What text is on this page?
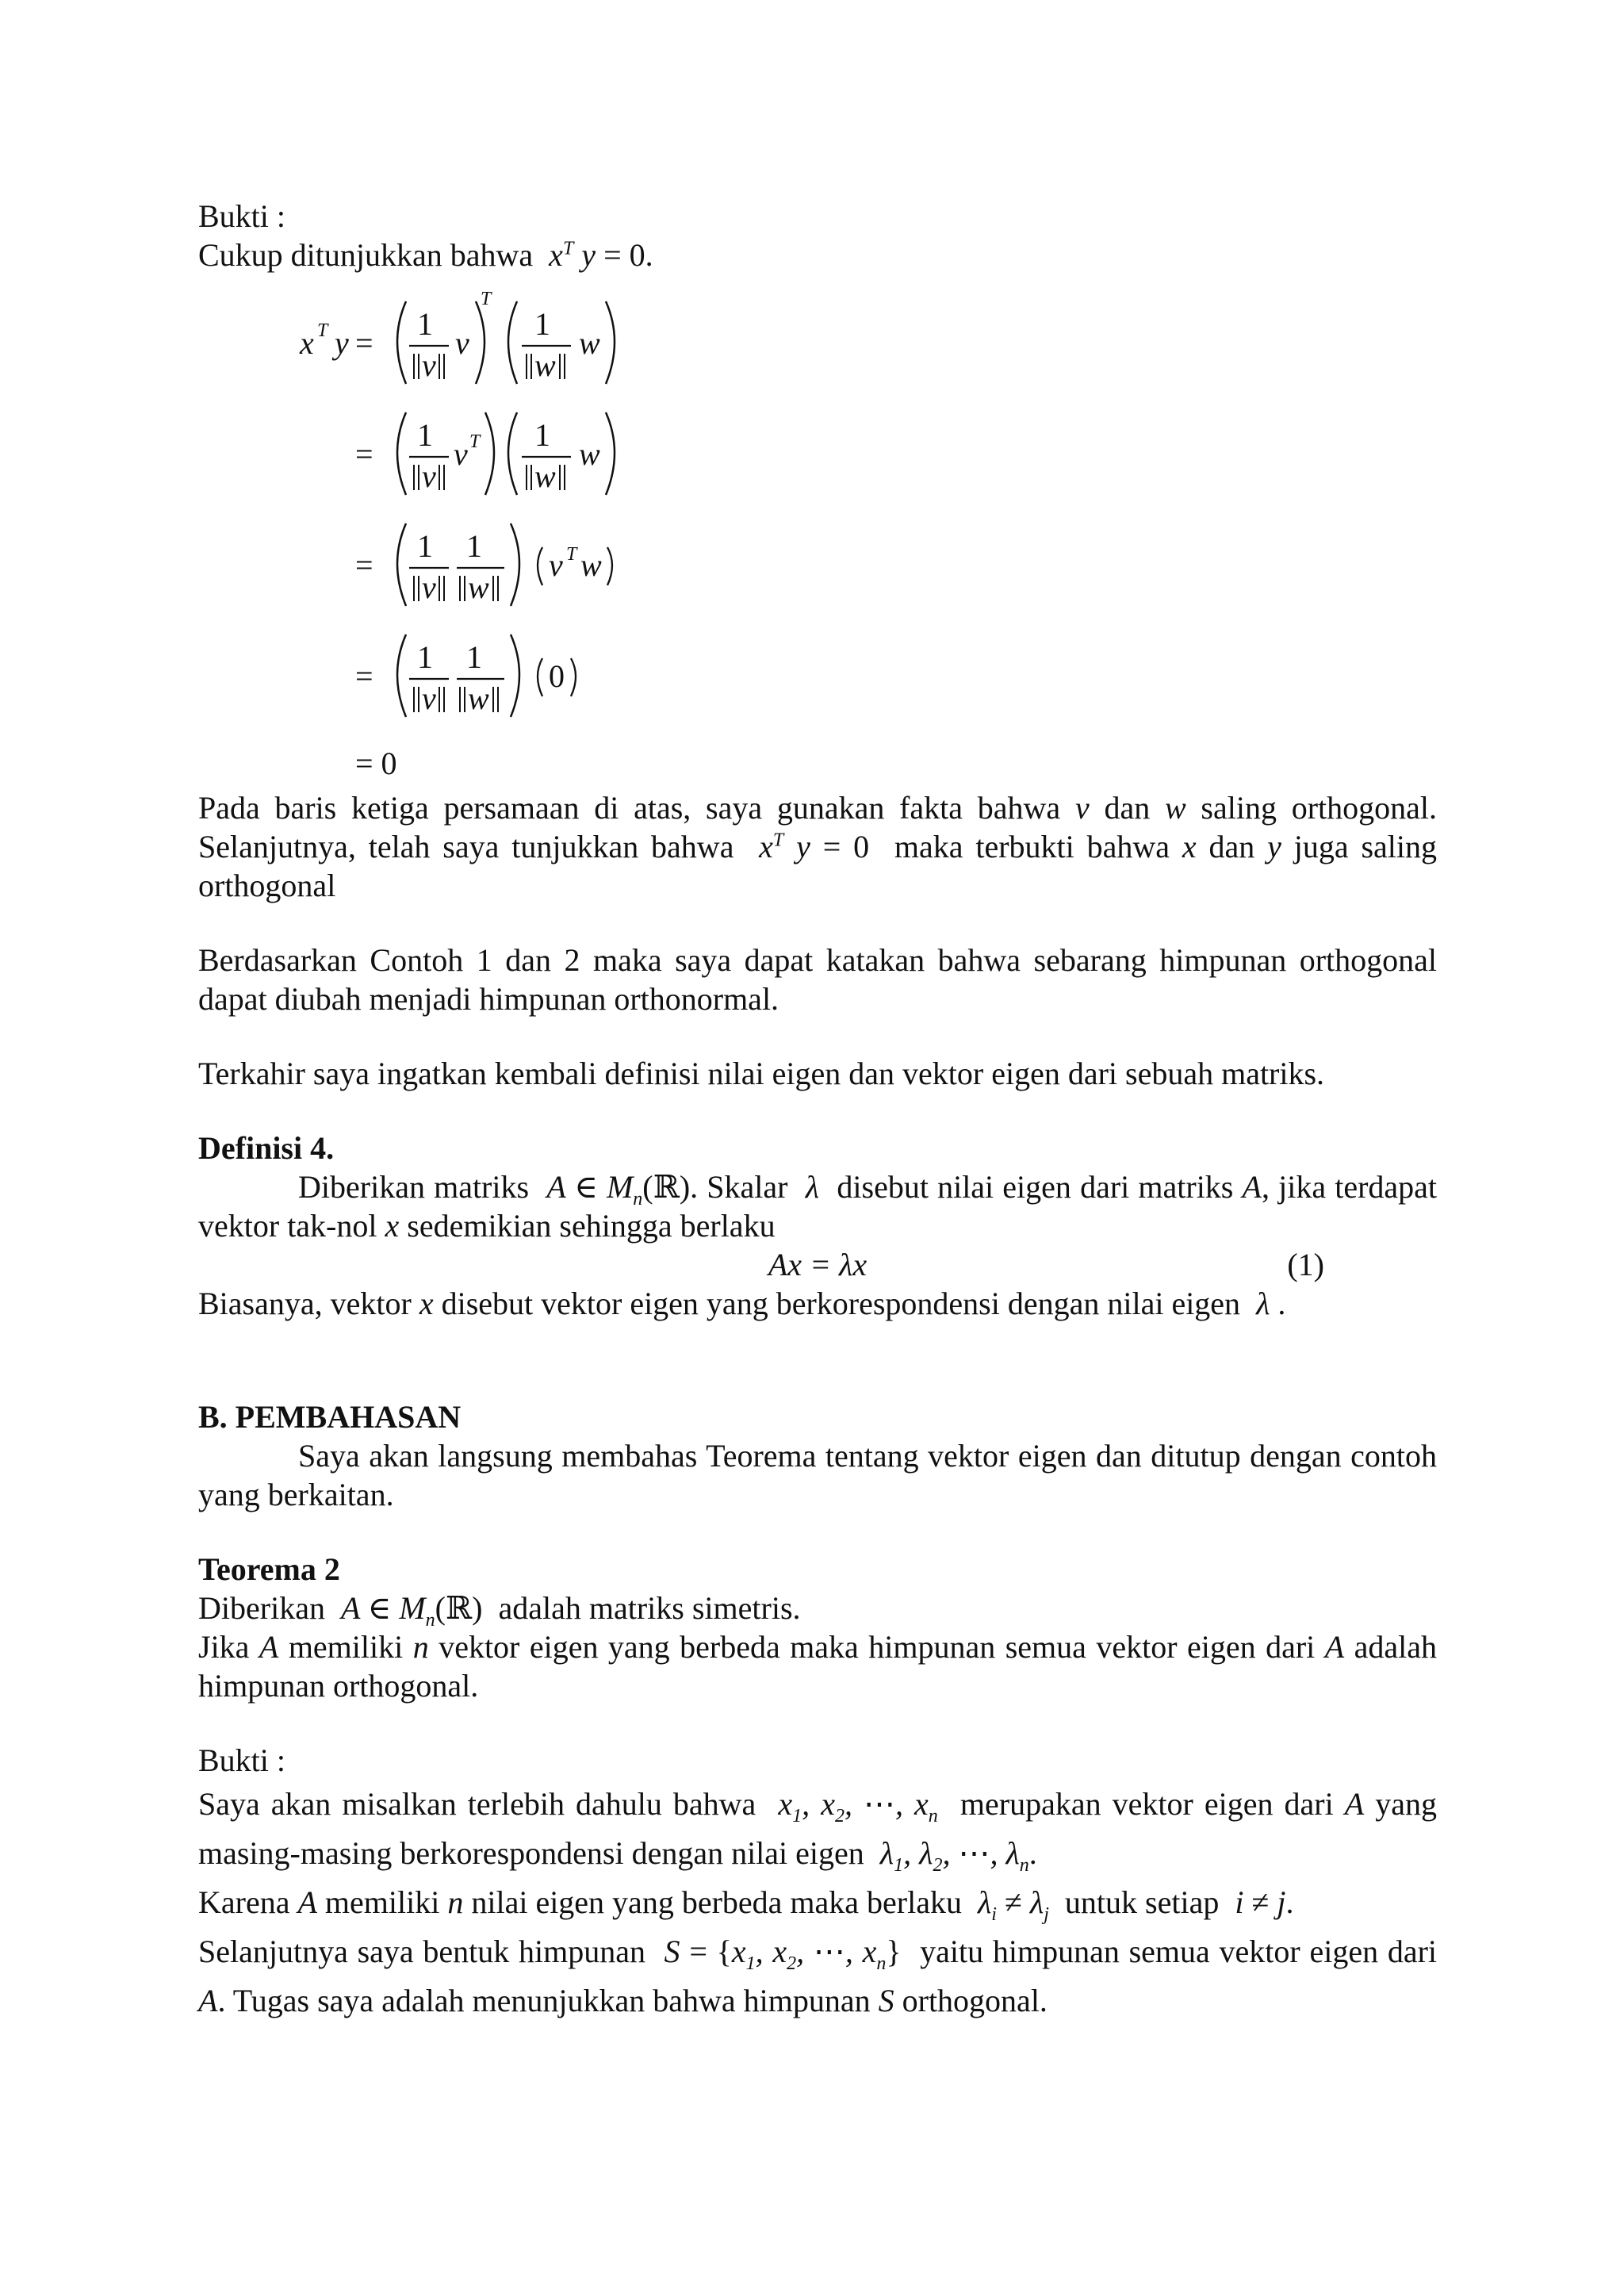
Bukti :

Cukup ditunjukkan bahwa  $x^T$ y = 0.

x T y =
1
v
v
T
1
w
w
=
1
v
v T 1
w
w
=
1
v
1
w
v T w
=
1
v
1
w
0
= 0

Pada baris ketiga persamaan di atas, saya gunakan fakta bahwa v dan w saling orthogonal. Selanjutnya, telah saya tunjukkan bahwa  $x^T$ y = 0 maka terbukti bahwa x dan y juga saling orthogonal

Berdasarkan Contoh 1 dan 2 maka saya dapat katakan bahwa sebarang himpunan orthogonal dapat diubah menjadi himpunan orthonormal.

Terkahir saya ingatkan kembali definisi nilai eigen dan vektor eigen dari sebuah matriks.

Definisi 4.

Diberikan matriks  A ∈ $M_n(ℝ)$. Skalar  λ  disebut nilai eigen dari matriks A, jika terdapat vektor tak-nol x sedemikian sehingga berlaku

Ax = λx	(1)

Biasanya, vektor x disebut vektor eigen yang berkorespondensi dengan nilai eigen  λ .

B. PEMBAHASAN

Saya akan langsung membahas Teorema tentang vektor eigen dan ditutup dengan contoh yang berkaitan.

Teorema 2

Diberikan  A ∈ $M_n(ℝ)$ adalah matriks simetris.

Jika A memiliki n vektor eigen yang berbeda maka himpunan semua vektor eigen dari A adalah himpunan orthogonal.

Bukti :

Saya akan misalkan terlebih dahulu bahwa  $x_1$, $x_2$, ⋯, $x_n$ merupakan vektor eigen dari A yang masing-masing berkorespondensi dengan nilai eigen  $\lambda_1$, $\lambda_2$, ⋯, $\lambda_n$.

Karena A memiliki n nilai eigen yang berbeda maka berlaku  $\lambda_i \ne \lambda_j$ untuk setiap  i ≠ j.

Selanjutnya saya bentuk himpunan  $S = \{x_1$, $x_2$, ⋯, $x_n$} yaitu himpunan semua vektor eigen dari A. Tugas saya adalah menunjukkan bahwa himpunan S orthogonal.
